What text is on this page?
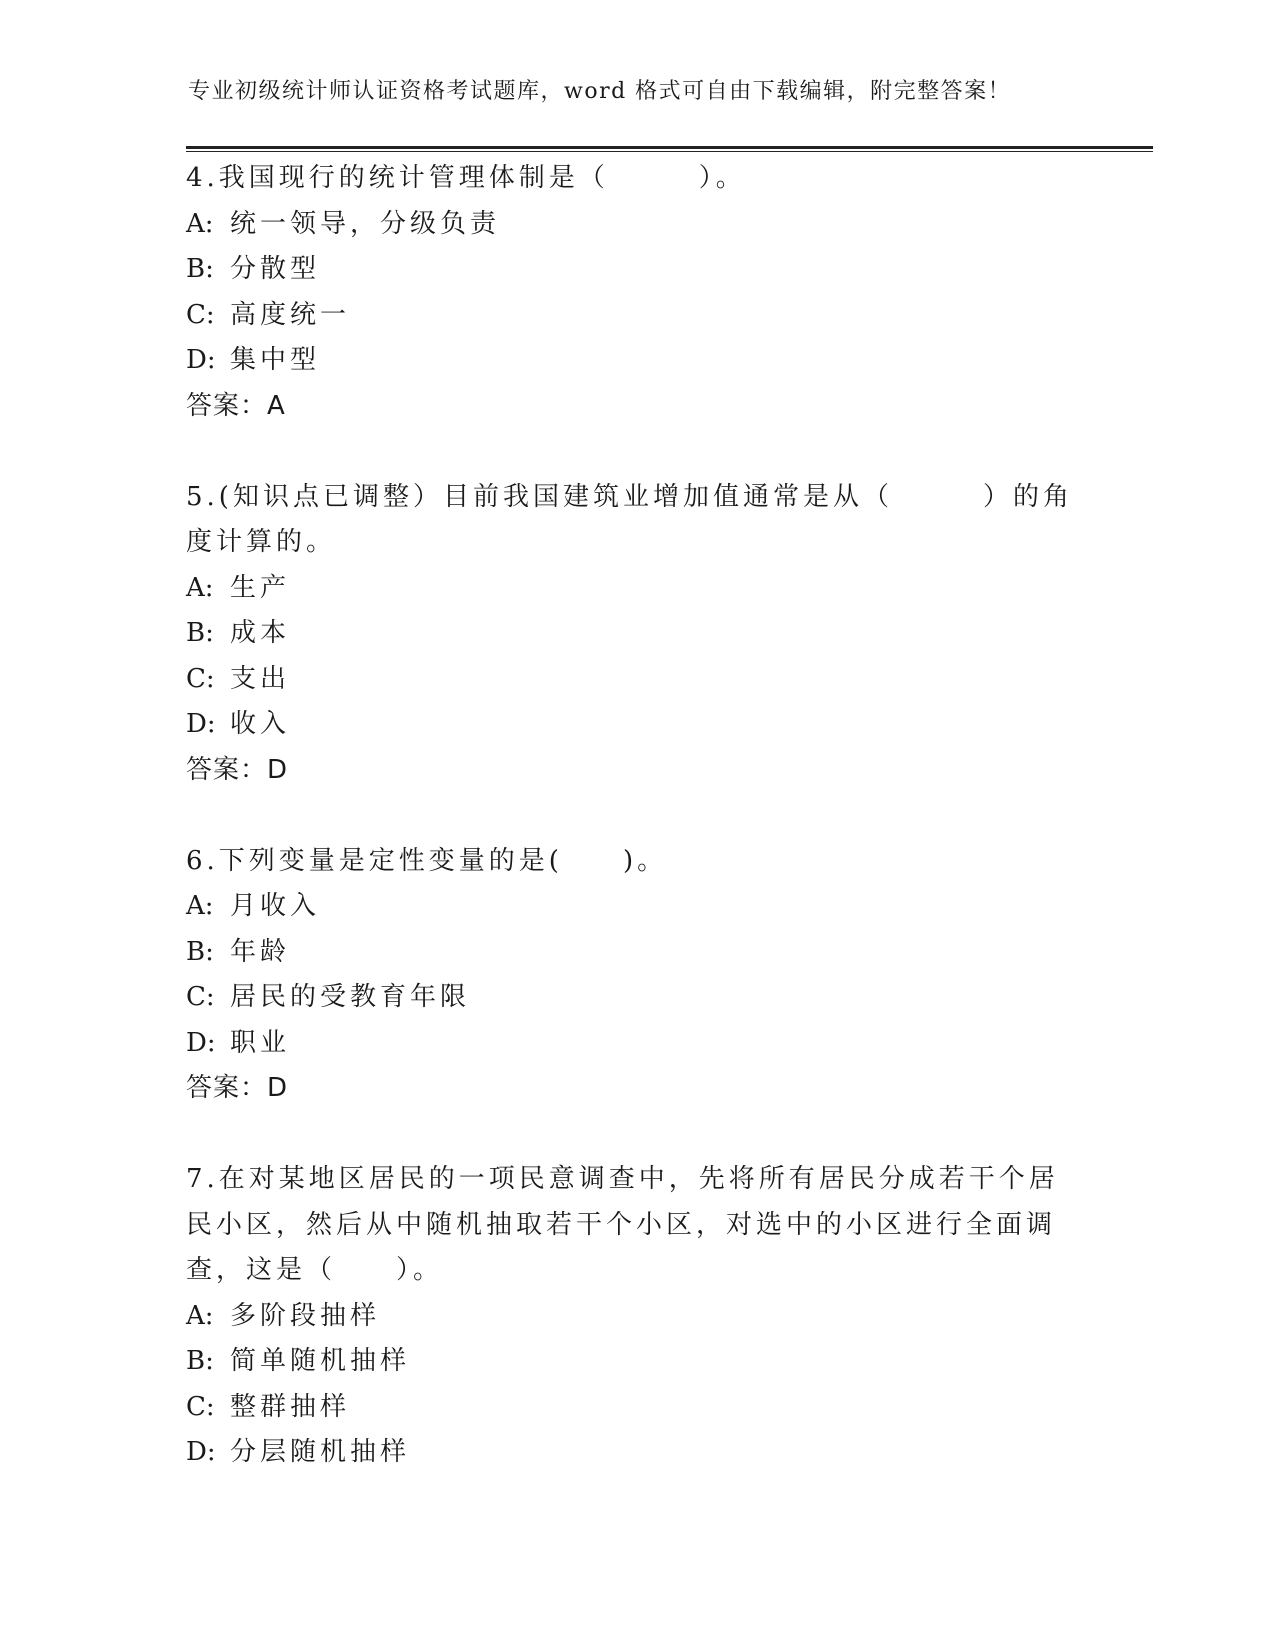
专业初级统计师认证资格考试题库，word 格式可自由下载编辑，附完整答案！
4.我国现行的统计管理体制是（　　　）。
A: 统一领导，分级负责
B: 分散型
C: 高度统一
D: 集中型
答案：A
5.(知识点已调整）目前我国建筑业增加值通常是从（　　　）的角度计算的。
A: 生产
B: 成本
C: 支出
D: 收入
答案：D
6.下列变量是定性变量的是(　　)。
A: 月收入
B: 年龄
C: 居民的受教育年限
D: 职业
答案：D
7.在对某地区居民的一项民意调查中，先将所有居民分成若干个居民小区，然后从中随机抽取若干个小区，对选中的小区进行全面调查，这是（　　）。
A: 多阶段抽样
B: 简单随机抽样
C: 整群抽样
D: 分层随机抽样
